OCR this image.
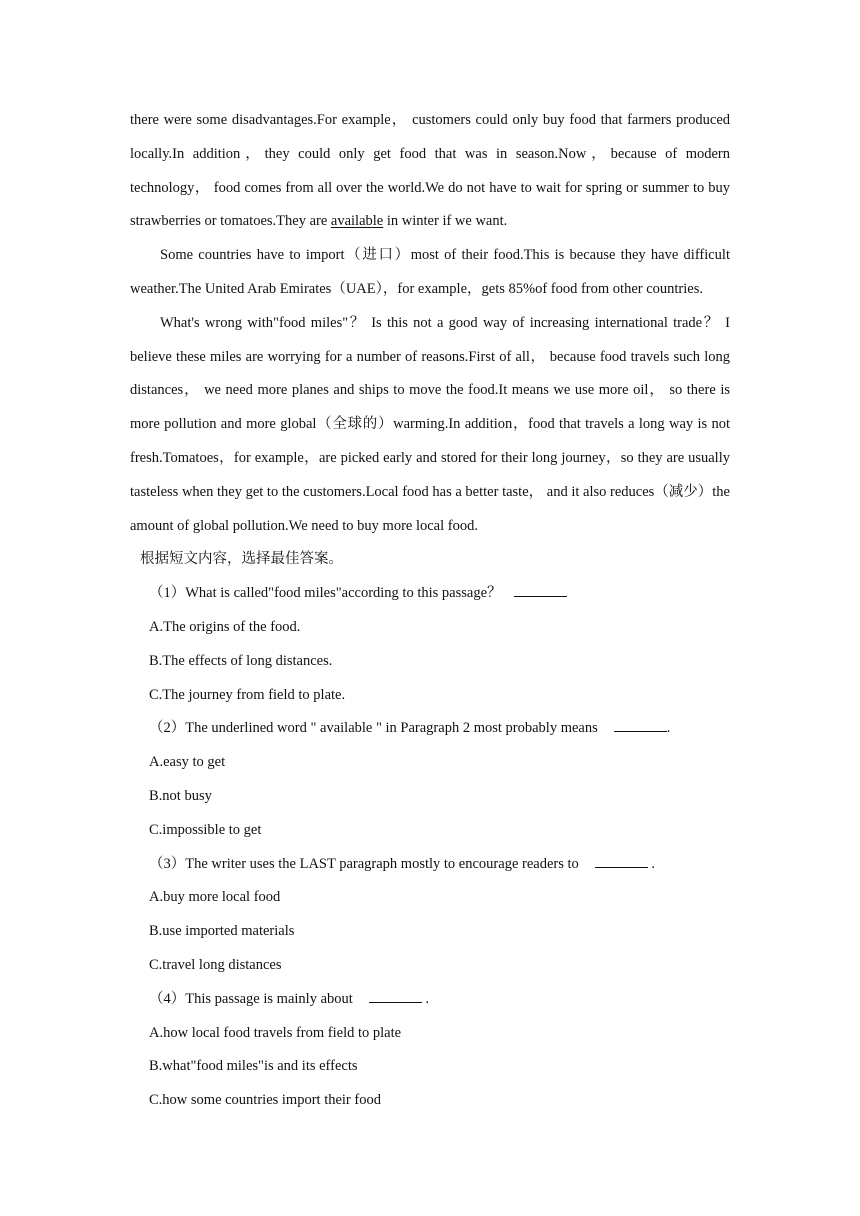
there were some disadvantages.For example， customers could only buy food that farmers produced locally.In addition，they could only get food that was in season.Now，because of modern technology， food comes from all over the world.We do not have to wait for spring or summer to buy strawberries or tomatoes.They are available in winter if we want.

Some countries have to import（进口）most of their food.This is because they have difficult weather.The United Arab Emirates（UAE），for example，gets 85%of food from other countries.

What's wrong with"food miles"？ Is this not a good way of increasing international trade？ I believe these miles are worrying for a number of reasons.First of all， because food travels such long distances， we need more planes and ships to move the food.It means we use more oil， so there is more pollution and more global（全球的）warming.In addition，food that travels a long way is not fresh.Tomatoes，for example，are picked early and stored for their long journey，so they are usually tasteless when they get to the customers.Local food has a better taste， and it also reduces（减少）the amount of global pollution.We need to buy more local food.

根据短文内容，选择最佳答案。

（1）What is called"food miles"according to this passage？

A.The origins of the food.

B.The effects of long distances.

C.The journey from field to plate.

（2）The underlined word " available " in Paragraph 2 most probably means	.

A.easy to get

B.not busy

C.impossible to get

（3）The writer uses the LAST paragraph mostly to encourage readers to	.

A.buy more local food

B.use imported materials

C.travel long distances

（4）This passage is mainly about	.

A.how local food travels from field to plate

B.what"food miles"is and its effects

C.how some countries import their food
